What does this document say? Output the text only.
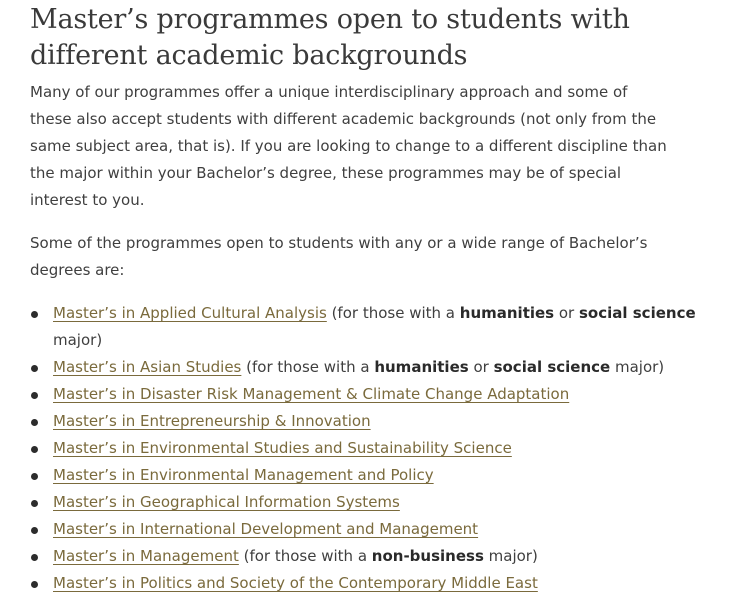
Master’s programmes open to students with different academic backgrounds

Many of our programmes offer a unique interdisciplinary approach and some of these also accept students with different academic backgrounds (not only from the same subject area, that is). If you are looking to change to a different discipline than the major within your Bachelor’s degree, these programmes may be of special interest to you.

Some of the programmes open to students with any or a wide range of Bachelor’s degrees are:

Master’s in Applied Cultural Analysis (for those with a humanities or social science major)
Master’s in Asian Studies (for those with a humanities or social science major)
Master’s in Disaster Risk Management & Climate Change Adaptation
Master’s in Entrepreneurship & Innovation
Master’s in Environmental Studies and Sustainability Science
Master’s in Environmental Management and Policy
Master’s in Geographical Information Systems
Master’s in International Development and Management
Master’s in Management (for those with a non-business major)
Master’s in Politics and Society of the Contemporary Middle East
